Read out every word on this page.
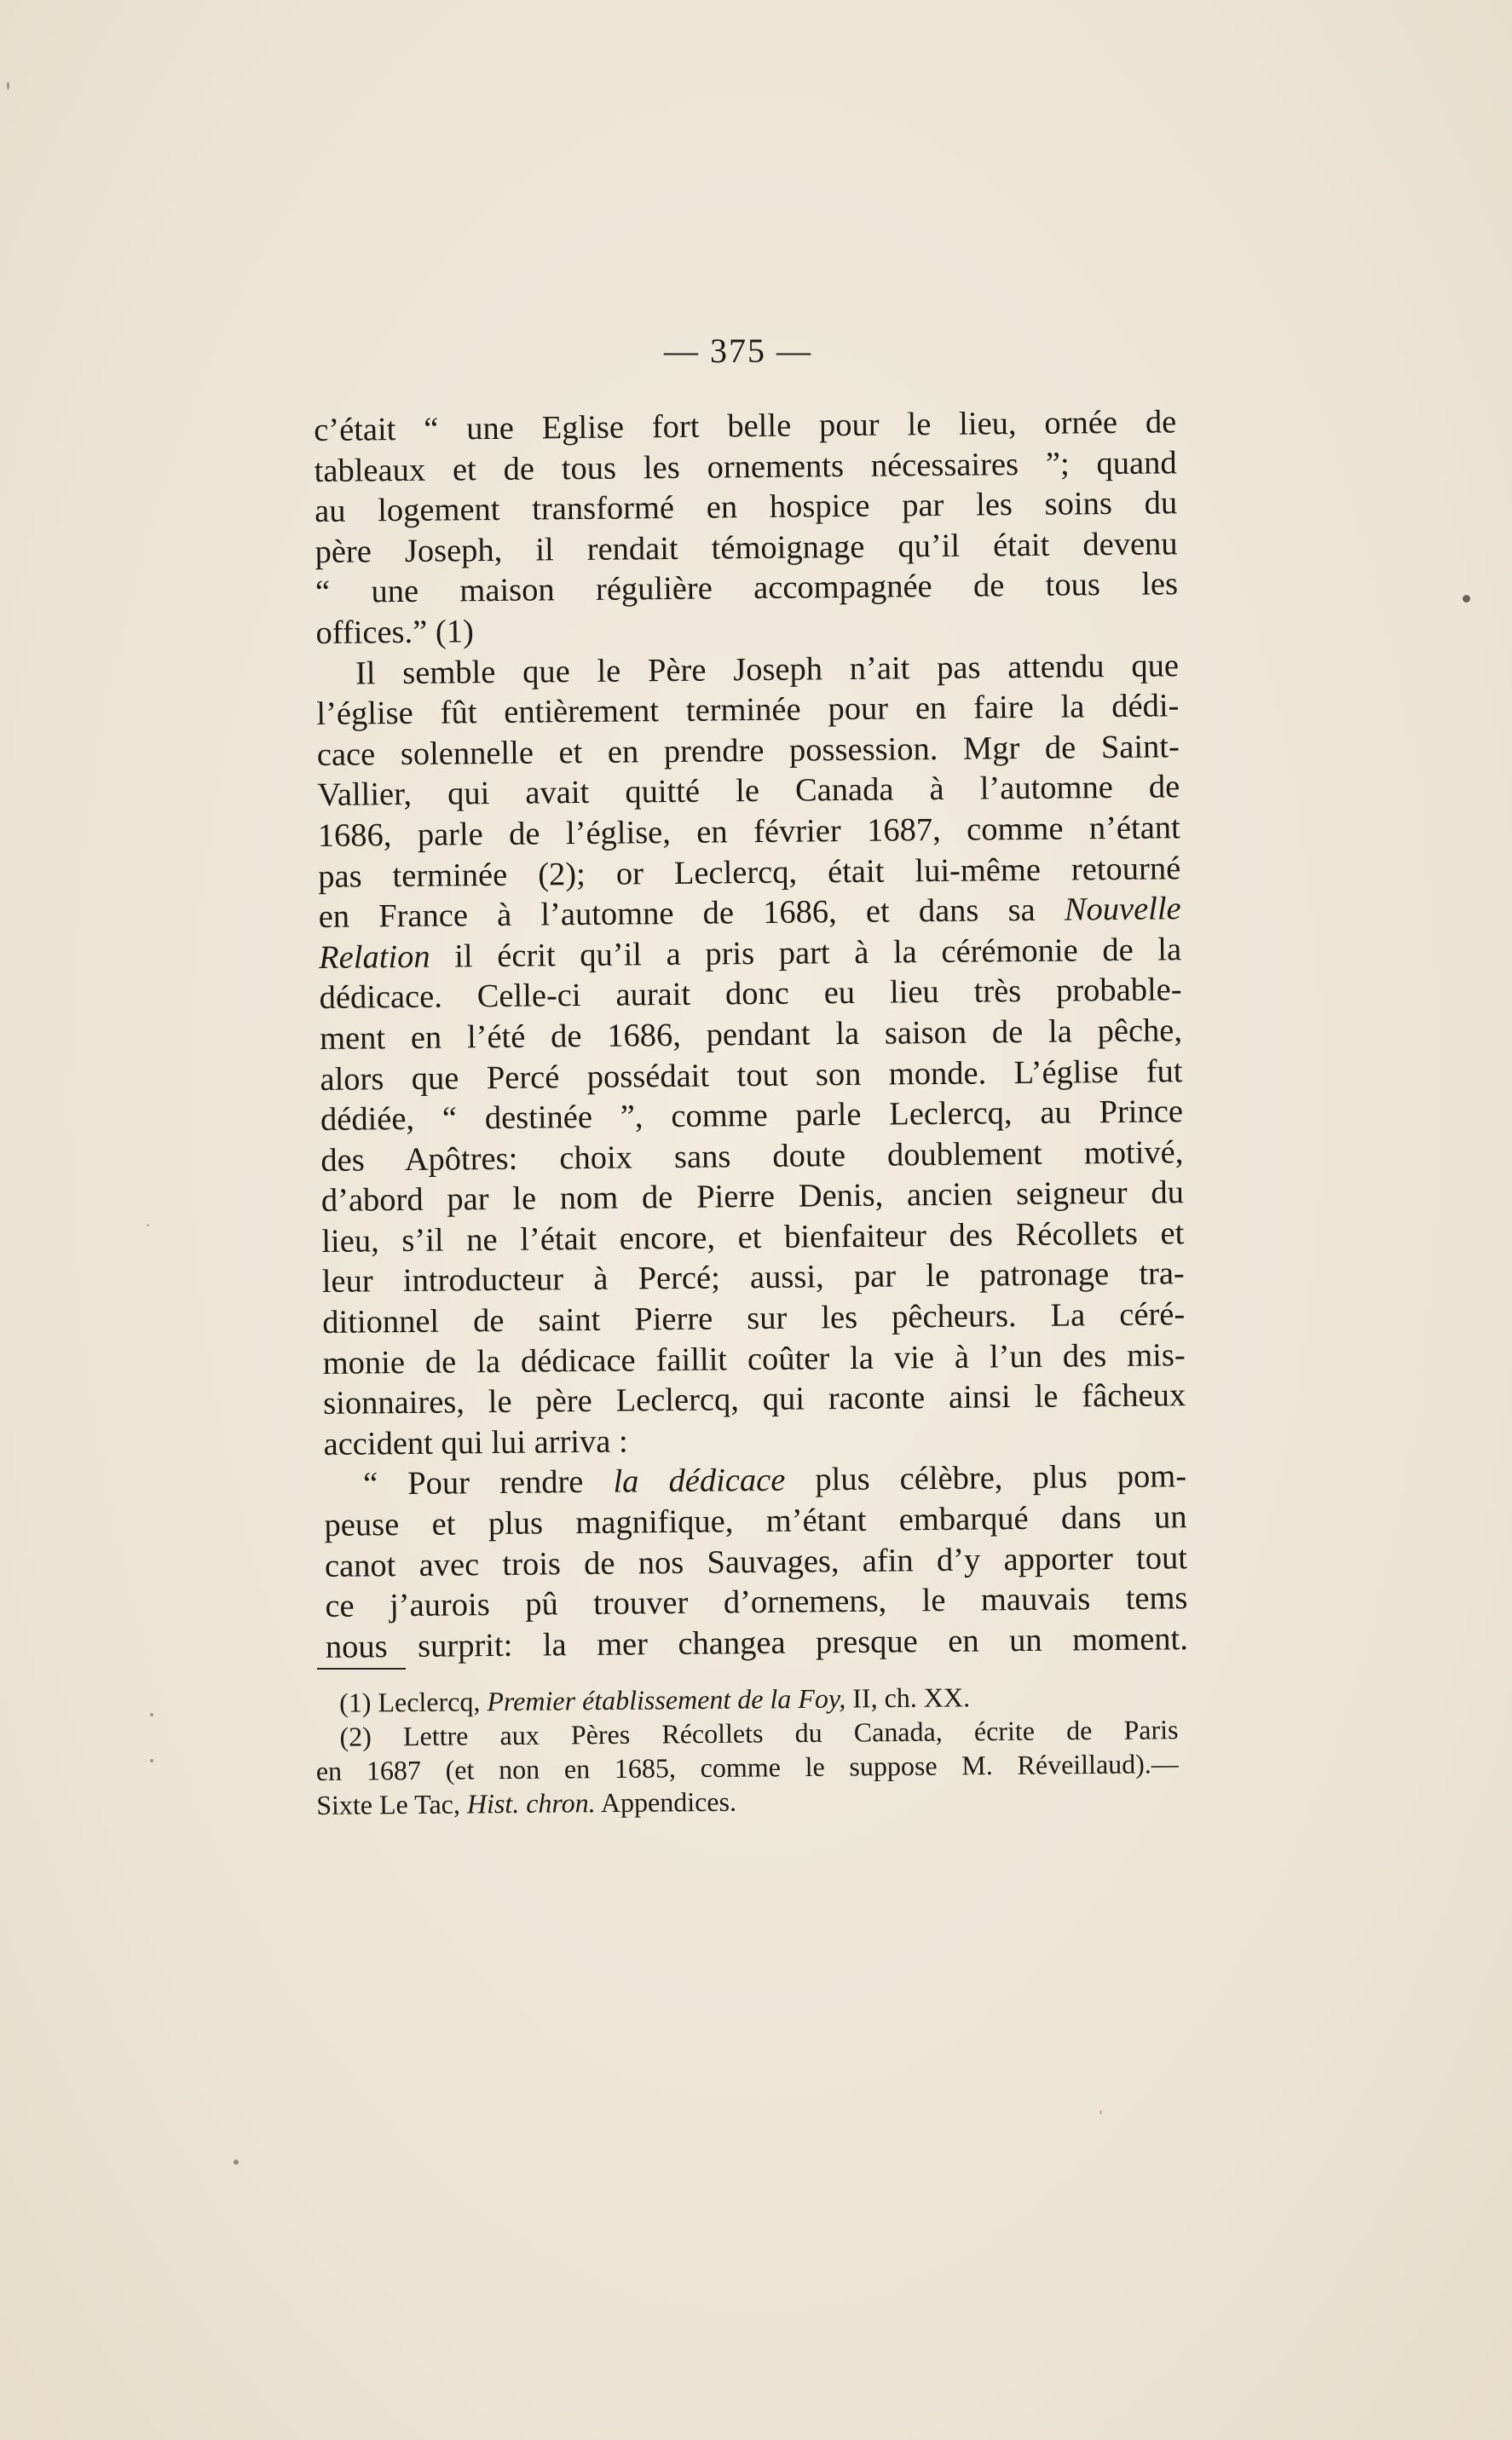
— 375 —
c’était “ une Eglise fort belle pour le lieu, ornée de
tableaux et de tous les ornements nécessaires ”; quand
au logement transformé en hospice par les soins du
père Joseph, il rendait témoignage qu’il était devenu
“ une maison régulière accompagnée de tous les
offices.” (1)
Il semble que le Père Joseph n’ait pas attendu que
l’église fût entièrement terminée pour en faire la dédi-
cace solennelle et en prendre possession. Mgr de Saint-
Vallier, qui avait quitté le Canada à l’automne de
1686, parle de l’église, en février 1687, comme n’étant
pas terminée (2); or Leclercq, était lui-même retourné
en France à l’automne de 1686, et dans sa Nouvelle
Relation il écrit qu’il a pris part à la cérémonie de la
dédicace. Celle-ci aurait donc eu lieu très probable-
ment en l’été de 1686, pendant la saison de la pêche,
alors que Percé possédait tout son monde. L’église fut
dédiée, “ destinée ”, comme parle Leclercq, au Prince
des Apôtres: choix sans doute doublement motivé,
d’abord par le nom de Pierre Denis, ancien seigneur du
lieu, s’il ne l’était encore, et bienfaiteur des Récollets et
leur introducteur à Percé; aussi, par le patronage tra-
ditionnel de saint Pierre sur les pêcheurs. La céré-
monie de la dédicace faillit coûter la vie à l’un des mis-
sionnaires, le père Leclercq, qui raconte ainsi le fâcheux
accident qui lui arriva :
“ Pour rendre la dédicace plus célèbre, plus pom-
peuse et plus magnifique, m’étant embarqué dans un
canot avec trois de nos Sauvages, afin d’y apporter tout
ce j’aurois pû trouver d’ornemens, le mauvais tems
nous surprit: la mer changea presque en un moment.
(1) Leclercq, Premier établissement de la Foy, II, ch. XX.
(2) Lettre aux Pères Récollets du Canada, écrite de Paris
en 1687 (et non en 1685, comme le suppose M. Réveillaud).—
Sixte Le Tac, Hist. chron. Appendices.
